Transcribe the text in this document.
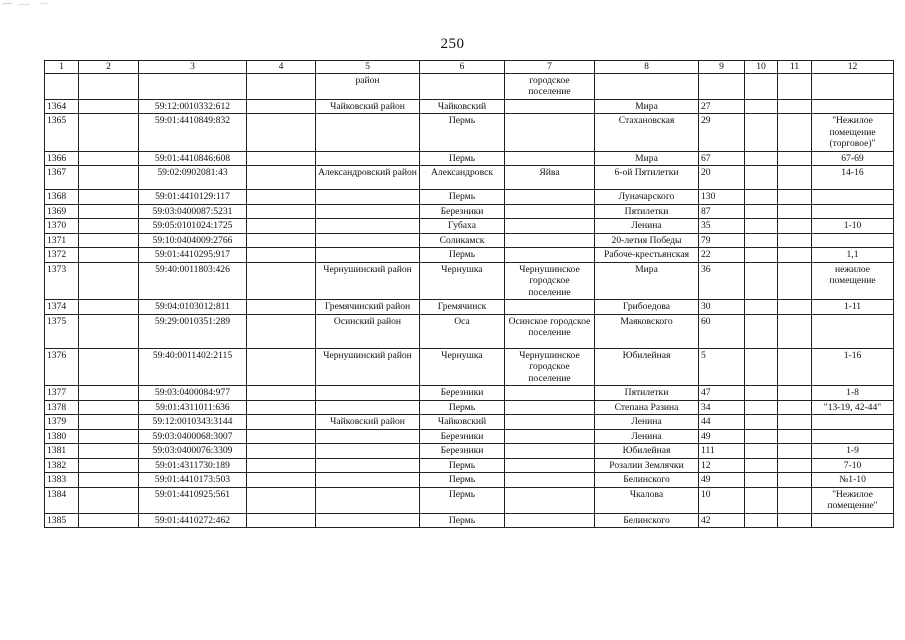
250
1	2	3	4	5	6	7	8	9	10	11	12
				район		городское поселение					
1364		59:12:0010332:612		Чайковский район	Чайковский		Мира	27			
1365		59:01:4410849:832			Пермь		Стахановская	29			"Нежилое помещение (торговое)"
1366		59:01:4410846:608			Пермь		Мира	67			67-69
1367		59:02:0902081:43		Александровский район	Александровск	Яйва	6-ой Пятилетки	20			14-16
1368		59:01:4410129:117			Пермь		Луначарского	130			
1369		59:03:0400087:5231			Березники		Пятилетки	87			
1370		59:05:0101024:1725			Губаха		Ленина	35			1-10
1371		59:10:0404009:2766			Соликамск		20-летия Победы	79			
1372		59:01:4410295:917			Пермь		Рабоче-крестьянская	22			1,1
1373		59:40:0011803:426		Чернушинский район	Чернушка	Чернушинское городское поселение	Мира	36			нежилое помещение
1374		59:04:0103012:811		Гремячинский район	Гремячинск		Грибоедова	30			1-11
1375		59:29:0010351:289		Осинский район	Оса	Осинское городское поселение	Маяковского	60			
1376		59:40:0011402:2115		Чернушинский район	Чернушка	Чернушинское городское поселение	Юбилейная	5			1-16
1377		59:03:0400084:977			Березники		Пятилетки	47			1-8
1378		59:01:4311011:636			Пермь		Степана Разина	34			"13-19, 42-44"
1379		59:12:0010343:3144		Чайковский район	Чайковский		Ленина	44			
1380		59:03:0400068:3007			Березники		Ленина	49			
1381		59:03:0400076:3309			Березники		Юбилейная	111			1-9
1382		59:01:4311730:189			Пермь		Розалии Землячки	12			7-10
1383		59:01:4410173:503			Пермь		Белинского	49			№1-10
1384		59:01:4410925:561			Пермь		Чкалова	10			"Нежилое помещение"
1385		59:01:4410272:462			Пермь		Белинского	42			
